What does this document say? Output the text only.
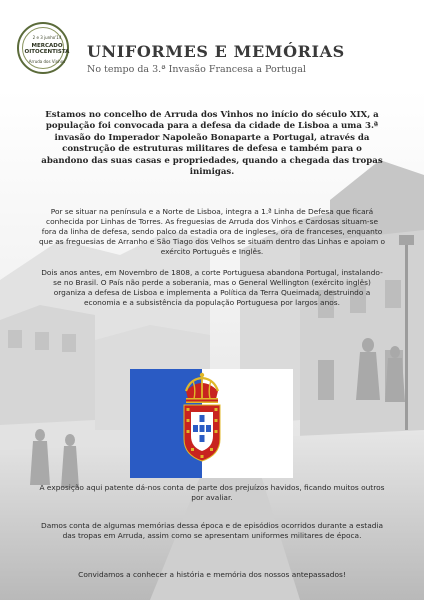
2 e 3 junho'14
MERCADO
OITOCENTISTA
Arruda dos Vinhos
UNIFORMES E MEMÓRIAS
No tempo da 3.ª Invasão Francesa a Portugal
Estamos no concelho de Arruda dos Vinhos no início do século XIX, a população foi convocada para a defesa da cidade de Lisboa a uma 3.ª invasão do Imperador Napoleão Bonaparte a Portugal, através da construção de estruturas militares de defesa e também para o abandono das suas casas e propriedades, quando a chegada das tropas inimigas.
Por se situar na península e a Norte de Lisboa, integra a 1.ª Linha de Defesa que ficará conhecida por Linhas de Torres. As freguesias de Arruda dos Vinhos e Cardosas situam-se fora da linha de defesa, sendo palco da estadia ora de ingleses, ora de franceses, enquanto que as freguesias de Arranho e São Tiago dos Velhos se situam dentro das Linhas e apoiam o exército Português e Inglês.
Dois anos antes, em Novembro de 1808, a corte Portuguesa abandona Portugal, instalando-se no Brasil. O País não perde a soberania, mas o General Wellington (exército inglês) organiza a defesa de Lisboa e implementa a Política da Terra Queimada, destruindo a economia e a subsistência da população Portuguesa por largos anos.
A exposição aqui patente dá-nos conta de parte dos prejuízos havidos, ficando muitos outros por avaliar.
Damos conta de algumas memórias dessa época e de episódios ocorridos durante a estadia das tropas em Arruda, assim como se apresentam uniformes militares de época.
Convidamos a conhecer a história e memória dos nossos antepassados!
